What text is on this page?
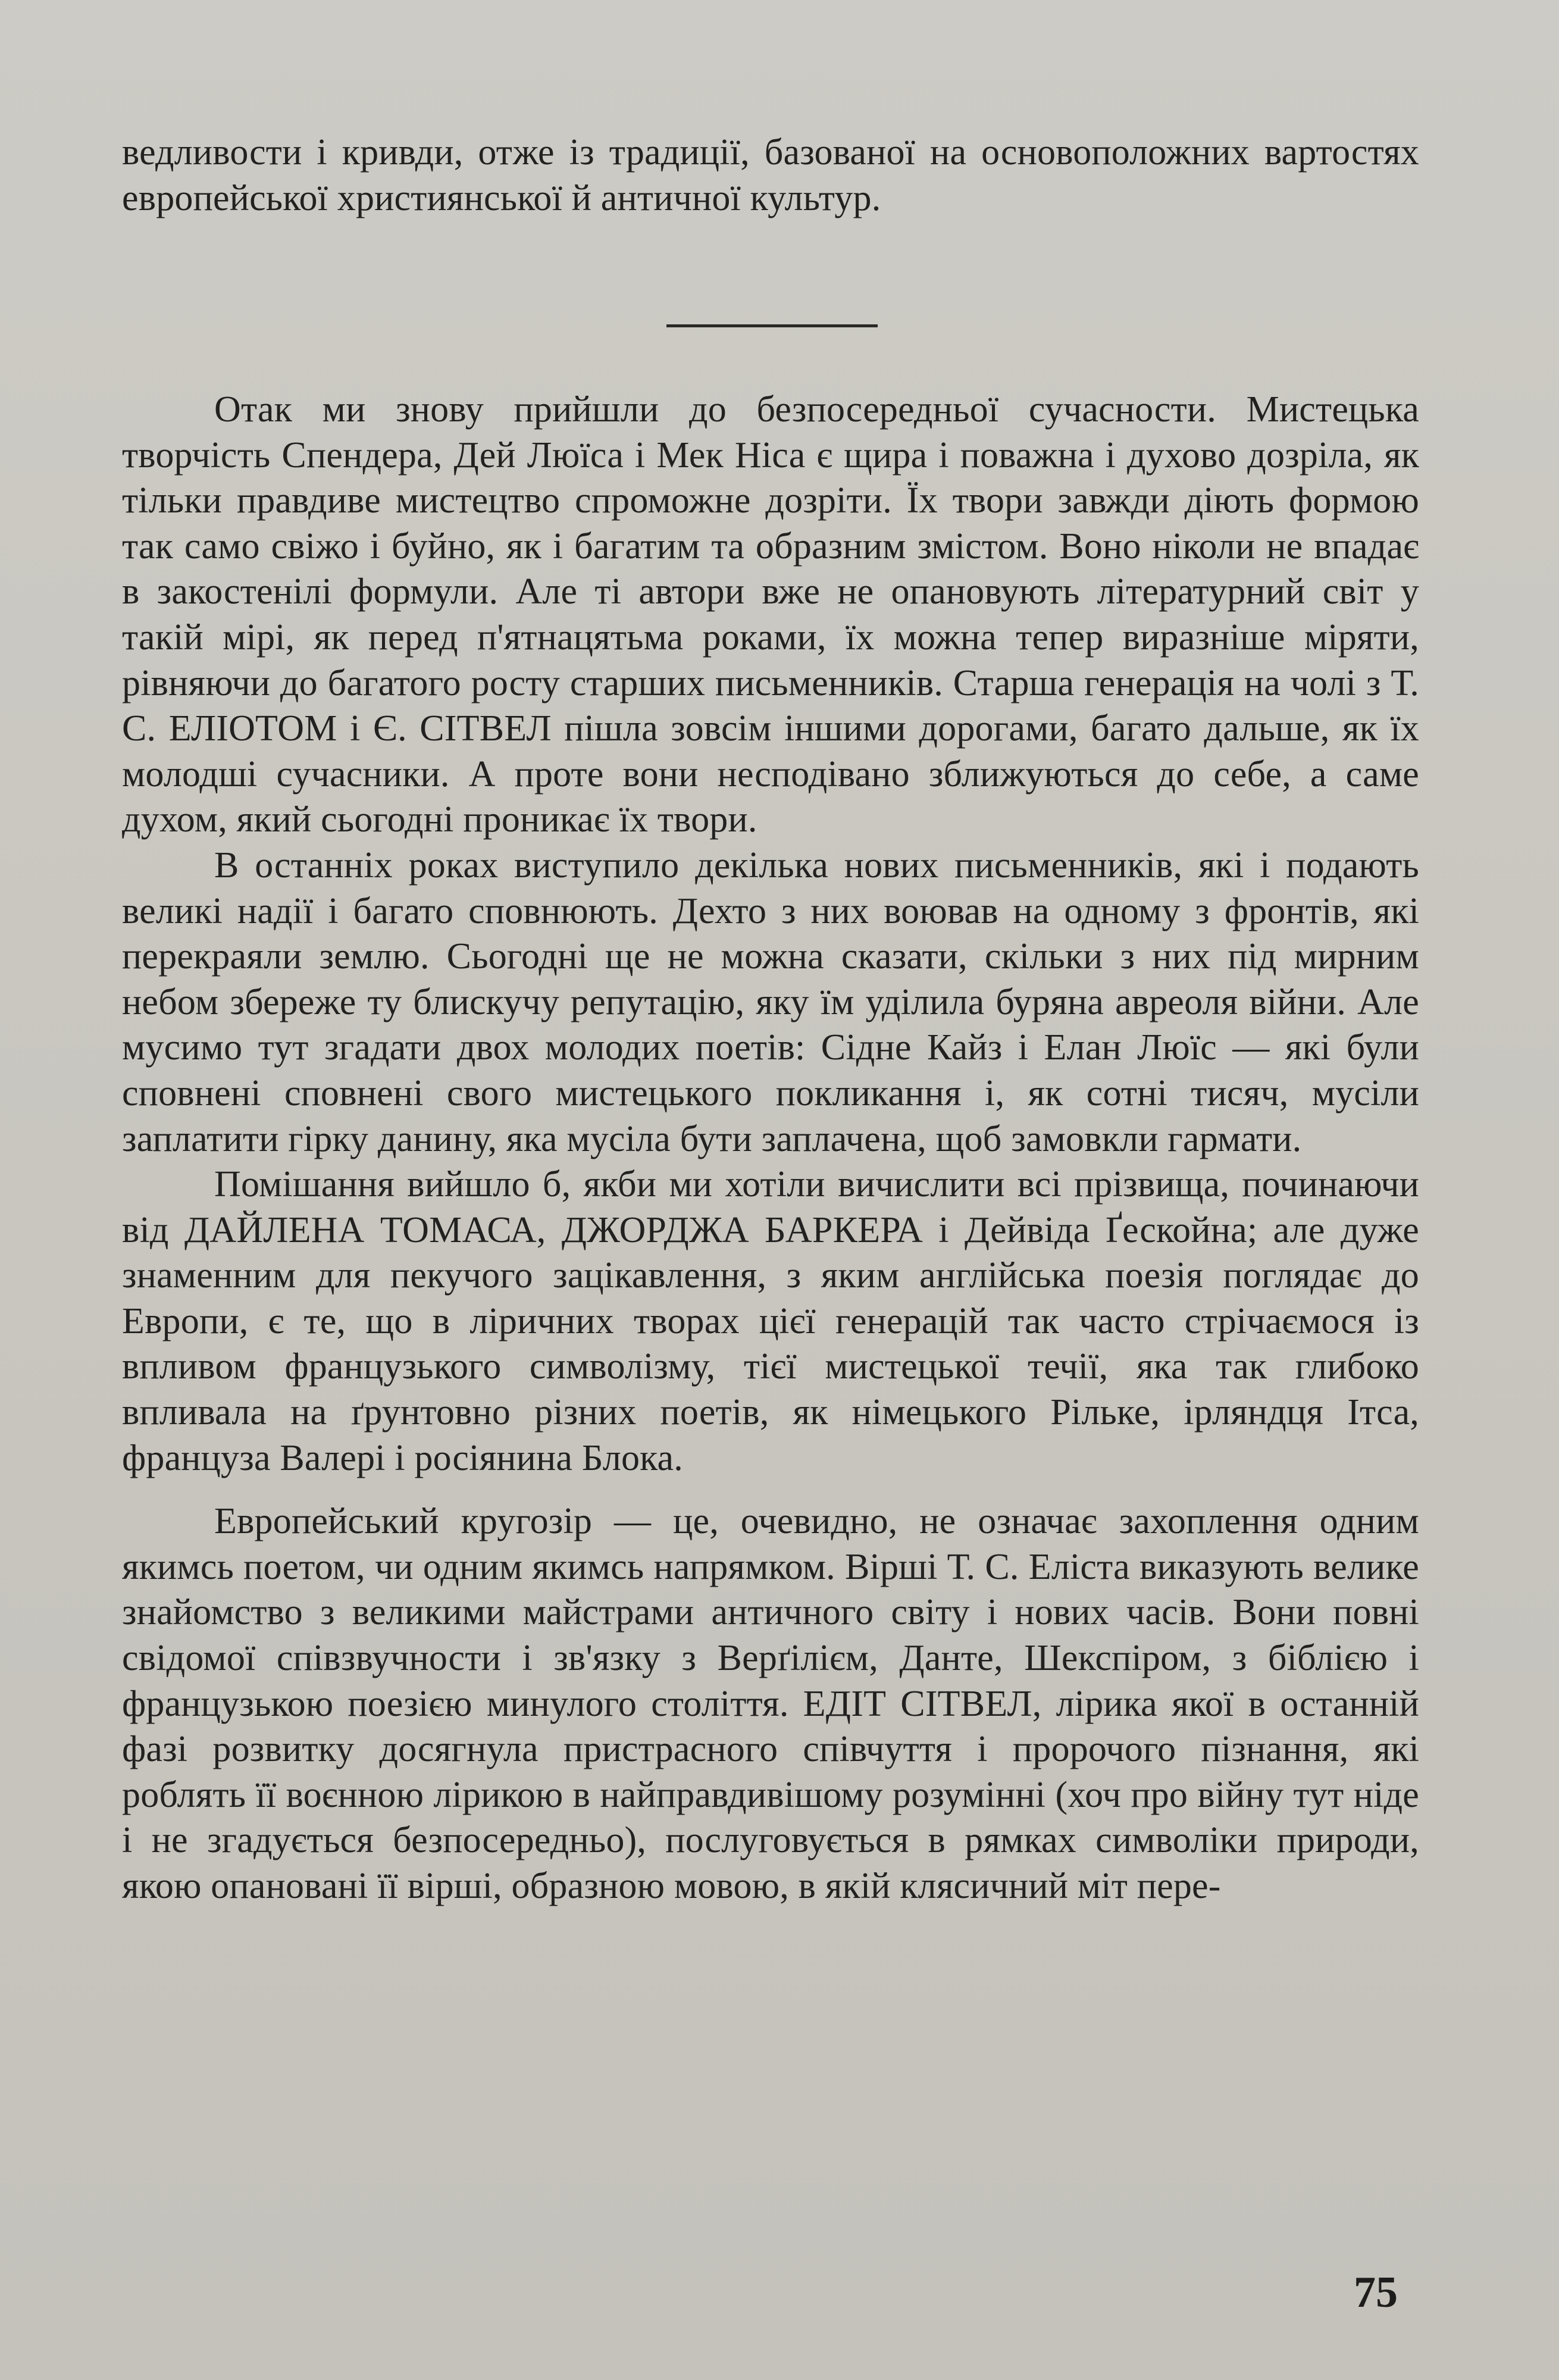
ведливости і кривди, отже із традиції, базованої на основоположних вартостях европейської християнської й античної культур.

Отак ми знову прийшли до безпосередньої сучасности. Мистецька творчість Спендера, Дей Люїса і Мек Ніса є щира і поважна і духово дозріла, як тільки правдиве мистецтво спроможне дозріти. Їх твори завжди діють формою так само свіжо і буйно, як і багатим та образним змістом. Воно ніколи не впадає в закостенілі формули. Але ті автори вже не опановують літературний світ у такій мірі, як перед п'ятнацятьма роками, їх можна тепер виразніше міряти, рівняючи до багатого росту старших письменників. Старша генерація на чолі з Т. С. ЕЛІОТОМ і Є. СІТВЕЛ пішла зовсім іншими дорогами, багато дальше, як їх молодші сучасники. А проте вони несподівано зближуються до себе, а саме духом, який сьогодні проникає їх твори.

В останніх роках виступило декілька нових письменників, які і подають великі надії і багато сповнюють. Дехто з них воював на одному з фронтів, які перекраяли землю. Сьогодні ще не можна сказати, скільки з них під мирним небом збереже ту блискучу репутацію, яку їм уділила буряна авреоля війни. Але мусимо тут згадати двох молодих поетів: Сідне Кайз і Елан Люїс — які були сповнені сповнені свого мистецького покликання і, як сотні тисяч, мусіли заплатити гірку данину, яка мусіла бути заплачена, щоб замовкли гармати.

Помішання вийшло б, якби ми хотіли вичислити всі прізвища, починаючи від ДАЙЛЕНА ТОМАСА, ДЖОРДЖА БАРКЕРА і Дейвіда Ґескойна; але дуже знаменним для пекучого зацікавлення, з яким англійська поезія поглядає до Европи, є те, що в ліричних творах цієї генерацій так часто стрічаємося із впливом французького символізму, тієї мистецької течії, яка так глибоко впливала на ґрунтовно різних поетів, як німецького Рільке, ірляндця Ітса, француза Валері і росіянина Блока.

Европейський кругозір — це, очевидно, не означає захоплення одним якимсь поетом, чи одним якимсь напрямком. Вірші Т. С. Еліста виказують велике знайомство з великими майстрами античного світу і нових часів. Вони повні свідомої співзвучности і зв'язку з Верґілієм, Данте, Шекспіром, з біблією і французькою поезією минулого століття. ЕДІТ СІТВЕЛ, лірика якої в останній фазі розвитку досягнула пристрасного співчуття і пророчого пізнання, які роблять її воєнною лірикою в найправдивішому розумінні (хоч про війну тут ніде і не згадується безпосередньо), послуговується в рямках символіки природи, якою опановані її вірші, образною мовою, в якій клясичний міт пере-

75
